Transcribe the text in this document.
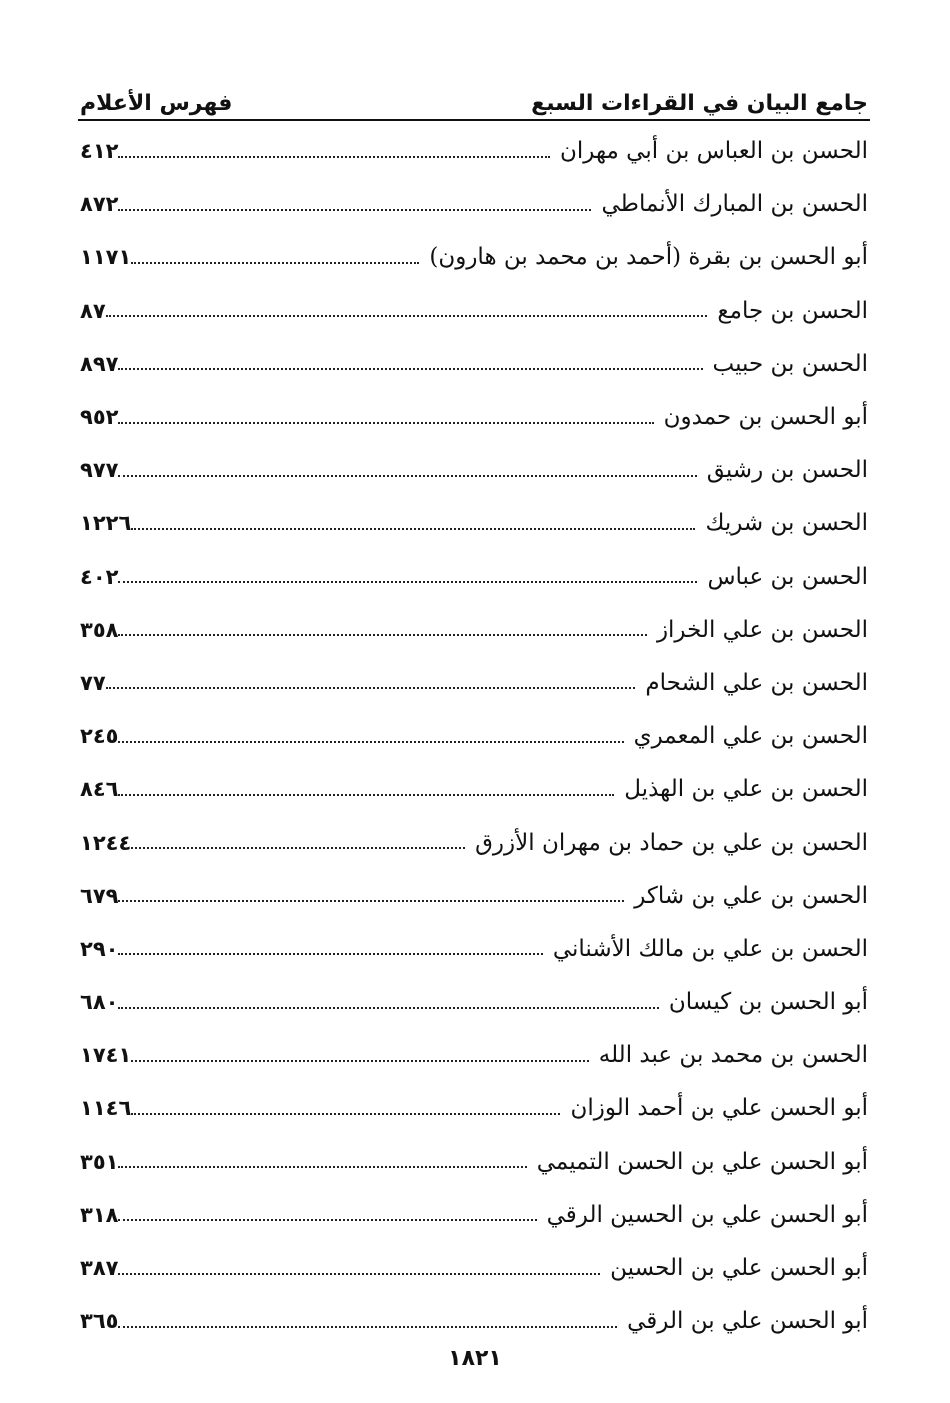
جامع البيان في القراءات السبع
فهرس الأعلام
الحسن بن العباس بن أبي مهران
٤١٢
الحسن بن المبارك الأنماطي
٨٧٢
أبو الحسن بن بقرة (أحمد بن محمد بن هارون)
١١٧١
الحسن بن جامع
٨٧
الحسن بن حبيب
٨٩٧
أبو الحسن بن حمدون
٩٥٢
الحسن بن رشيق
٩٧٧
الحسن بن شريك
١٢٢٦
الحسن بن عباس
٤٠٢
الحسن بن علي الخراز
٣٥٨
الحسن بن علي الشحام
٧٧
الحسن بن علي المعمري
٢٤٥
الحسن بن علي بن الهذيل
٨٤٦
الحسن بن علي بن حماد بن مهران الأزرق
١٢٤٤
الحسن بن علي بن شاكر
٦٧٩
الحسن بن علي بن مالك الأشناني
٢٩٠
أبو الحسن بن كيسان
٦٨٠
الحسن بن محمد بن عبد الله
١٧٤١
أبو الحسن علي بن أحمد الوزان
١١٤٦
أبو الحسن علي بن الحسن التميمي
٣٥١
أبو الحسن علي بن الحسين الرقي
٣١٨
أبو الحسن علي بن الحسين
٣٨٧
أبو الحسن علي بن الرقي
٣٦٥
١٨٢١
